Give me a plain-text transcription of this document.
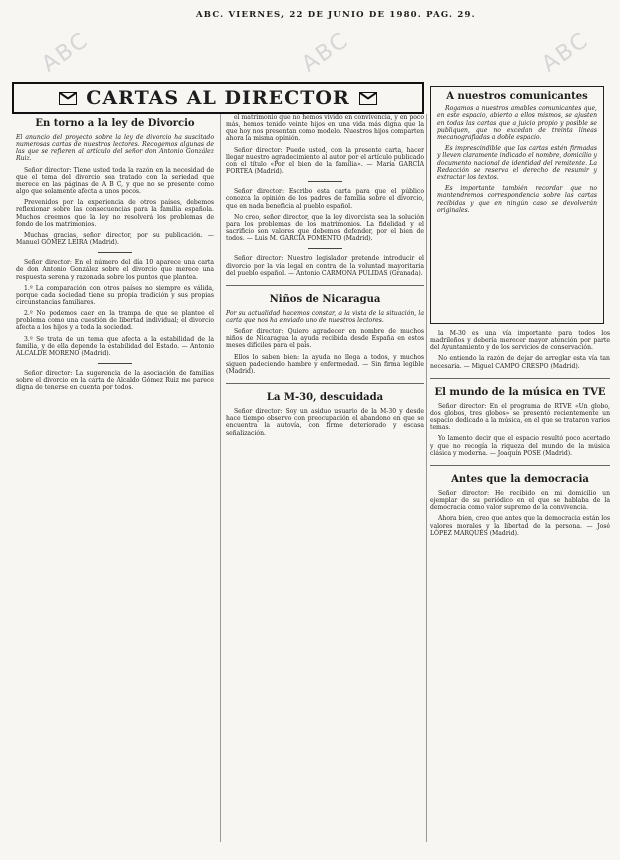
ABC	ABC	ABC
ABC. VIERNES, 22 DE JUNIO DE 1980. PAG. 29.
CARTAS AL DIRECTOR
En torno a la ley de Divorcio

El anuncio del proyecto sobre la ley de divorcio ha suscitado numerosas cartas de nuestros lectores. Recogemos algunas de las que se refieren al artículo del señor don Antonio González Ruiz.

Señor director: Tiene usted toda la razón en la necesidad de que el tema del divorcio sea tratado con la seriedad que merece en las páginas de A B C, y que no se presente como algo que solamente afecta a unos pocos.

Prevenidos por la experiencia de otros países, debemos reflexionar sobre las consecuencias para la familia española. Muchos creemos que la ley no resolverá los problemas de fondo de los matrimonios.

Muchas gracias, señor director, por su publicación. — Manuel GÓMEZ LEIRA (Madrid).

Señor director: En el número del día 10 aparece una carta de don Antonio González sobre el divorcio que merece una respuesta serena y razonada sobre los puntos que plantea.

1.º La comparación con otros países no siempre es válida, porque cada sociedad tiene su propia tradición y sus propias circunstancias familiares.

2.º No podemos caer en la trampa de que se plantee el problema como una cuestión de libertad individual; el divorcio afecta a los hijos y a toda la sociedad.

3.º Se trata de un tema que afecta a la estabilidad de la familia, y de ella depende la estabilidad del Estado. — Antonio ALCALDE MORENO (Madrid).

Señor director: La sugerencia de la asociación de familias sobre el divorcio en la carta de Alcaldo Gómez Ruiz me parece digna de tenerse en cuenta por todos.

el matrimonio que no hemos vivido en convivencia, y en poco más, hemos tenido veinte hijos en una vida más digna que la que hoy nos presentan como modelo. Nuestros hijos comparten ahora la misma opinión.

Señor director: Puede usted, con la presente carta, hacer llegar nuestro agradecimiento al autor por el artículo publicado con el título «Por el bien de la familia». — María GARCÍA FORTEA (Madrid).

Señor director: Escribo esta carta para que el público conozca la opinión de los padres de familia sobre el divorcio, que en nada beneficia al pueblo español.

No creo, señor director, que la ley divorcista sea la solución para los problemas de los matrimonios. La fidelidad y el sacrificio son valores que debemos defender, por el bien de todos. — Luis M. GARCÍA FOMENTO (Madrid).

Señor director: Nuestro legislador pretende introducir el divorcio por la vía legal en contra de la voluntad mayoritaria del pueblo español. — Antonio CARMONA PULIDAS (Granada).

Niños de Nicaragua

Por su actualidad hacemos constar, a la vista de la situación, la carta que nos ha enviado uno de nuestros lectores.

Señor director: Quiero agradecer en nombre de muchos niños de Nicaragua la ayuda recibida desde España en estos meses difíciles para el país.

Ellos lo saben bien: la ayuda no llega a todos, y muchos siguen padeciendo hambre y enfermedad. — Sin firma legible (Madrid).

La M-30, descuidada

Señor director: Soy un asiduo usuario de la M-30 y desde hace tiempo observo con preocupación el abandono en que se encuentra la autovía, con firme deteriorado y escasa señalización.

A nuestros comunicantes

Rogamos a nuestros amables comunicantes que, en este espacio, abierto a ellos mismos, se ajusten en todas las cartas que a juicio propio y posible se publiquen, que no excedan de treinta líneas mecanografiadas a doble espacio.

Es imprescindible que las cartas estén firmadas y lleven claramente indicado el nombre, domicilio y documento nacional de identidad del remitente. La Redacción se reserva el derecho de resumir y extractar los textos.

Es importante también recordar que no mantendremos correspondencia sobre las cartas recibidas y que en ningún caso se devolverán originales.

la M-30 es una vía importante para todos los madrileños y debería merecer mayor atención por parte del Ayuntamiento y de los servicios de conservación.

No entiendo la razón de dejar de arreglar esta vía tan necesaria. — Miguel CAMPO CRESPO (Madrid).

El mundo de la música en TVE

Señor director: En el programa de RTVE «Un globo, dos globos, tres globos» se presentó recientemente un espacio dedicado a la música, en el que se trataron varios temas.

Yo lamento decir que el espacio resultó poco acertado y que no recogía la riqueza del mundo de la música clásica y moderna. — Joaquín POSE (Madrid).

Antes que la democracia

Señor director: He recibido en mi domicilio un ejemplar de su periódico en el que se hablaba de la democracia como valor supremo de la convivencia.

Ahora bien, creo que antes que la democracia están los valores morales y la libertad de la persona. — José LÓPEZ MARQUÉS (Madrid).
